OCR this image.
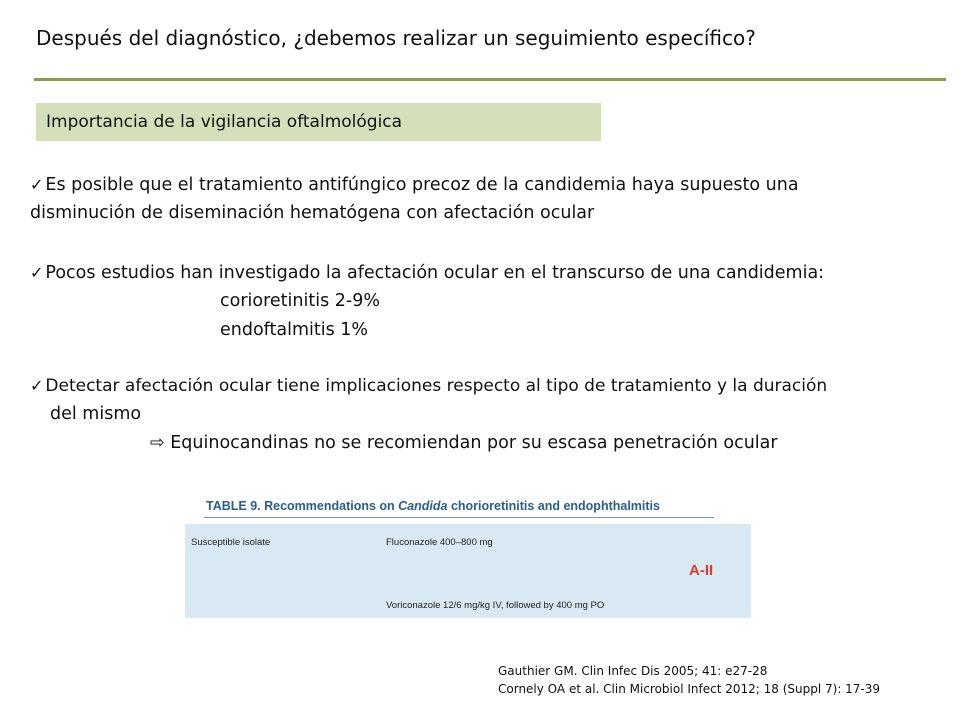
Después del diagnóstico, ¿debemos realizar un seguimiento específico?
Importancia de la vigilancia oftalmológica
✓ Es posible que el tratamiento antifúngico precoz de la candidemia haya supuesto una
disminución de diseminación hematógena con afectación ocular
✓ Pocos estudios han investigado la afectación ocular en el transcurso de una candidemia:
corioretinitis 2-9%
endoftalmitis 1%
✓ Detectar afectación ocular tiene implicaciones respecto al tipo de tratamiento y la duración
del mismo
⇨ Equinocandinas no se recomiendan por su escasa penetración ocular
TABLE 9. Recommendations on Candida chorioretinitis and endophthalmitis
Susceptible isolate	Fluconazole 400–800 mg
A-II
Voriconazole 12/6 mg/kg IV, followed by 400 mg PO
Gauthier GM. Clin Infec Dis 2005; 41: e27-28
Cornely OA et al. Clin Microbiol Infect 2012; 18 (Suppl 7): 17-39
